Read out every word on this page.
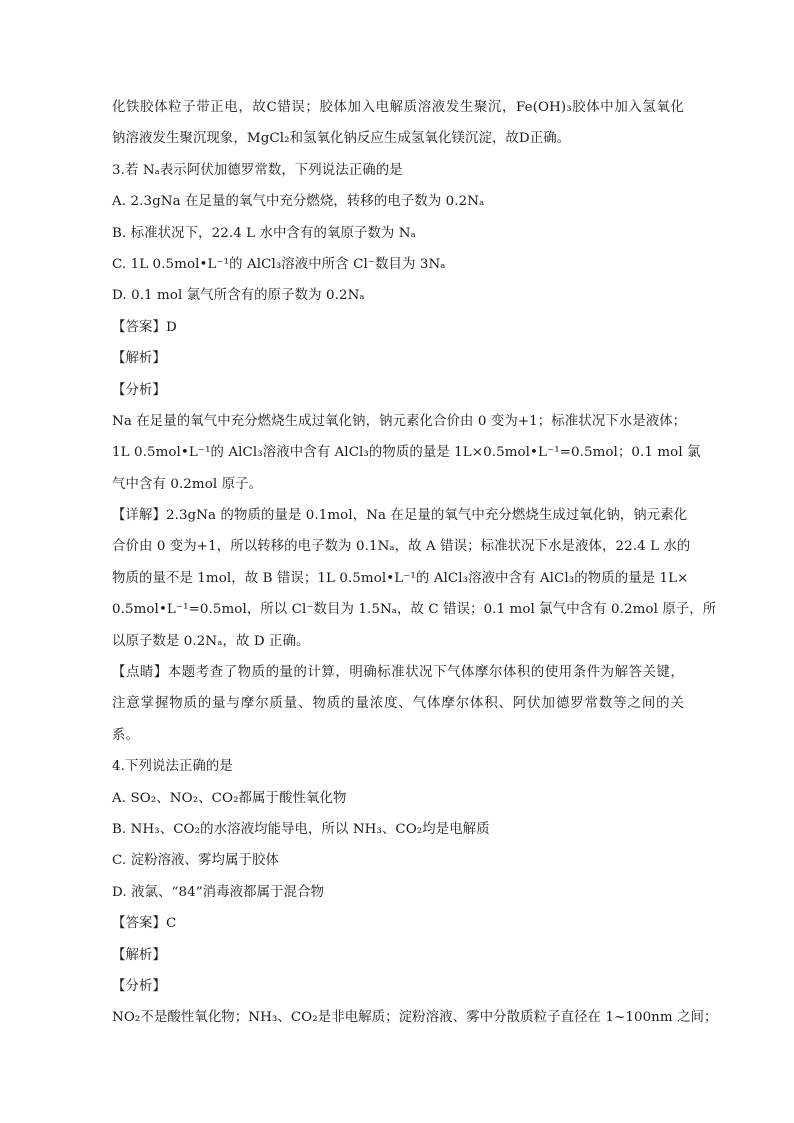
化铁胶体粒子带正电，故C错误；胶体加入电解质溶液发生聚沉，Fe(OH)₃胶体中加入氢氧化
钠溶液发生聚沉现象，MgCl₂和氢氧化钠反应生成氢氧化镁沉淀，故D正确。
3.若 Nₐ表示阿伏加德罗常数，下列说法正确的是
A. 2.3gNa 在足量的氧气中充分燃烧，转移的电子数为 0.2Nₐ
B. 标准状况下，22.4 L 水中含有的氧原子数为 Nₐ
C. 1L 0.5mol•L⁻¹的 AlCl₃溶液中所含 Cl⁻数目为 3Nₐ
D. 0.1 mol 氯气所含有的原子数为 0.2Nₐ
【答案】D
【解析】
【分析】
Na 在足量的氧气中充分燃烧生成过氧化钠，钠元素化合价由 0 变为+1；标准状况下水是液体；
1L 0.5mol•L⁻¹的 AlCl₃溶液中含有 AlCl₃的物质的量是 1L×0.5mol•L⁻¹=0.5mol；0.1 mol 氯
气中含有 0.2mol 原子。
【详解】2.3gNa 的物质的量是 0.1mol，Na 在足量的氧气中充分燃烧生成过氧化钠，钠元素化
合价由 0 变为+1，所以转移的电子数为 0.1Nₐ，故 A 错误；标准状况下水是液体，22.4 L 水的
物质的量不是 1mol，故 B 错误；1L 0.5mol•L⁻¹的 AlCl₃溶液中含有 AlCl₃的物质的量是 1L×
0.5mol•L⁻¹=0.5mol，所以 Cl⁻数目为 1.5Nₐ，故 C 错误；0.1 mol 氯气中含有 0.2mol 原子，所
以原子数是 0.2Nₐ，故 D 正确。
【点睛】本题考查了物质的量的计算，明确标准状况下气体摩尔体积的使用条件为解答关键，
注意掌握物质的量与摩尔质量、物质的量浓度、气体摩尔体积、阿伏加德罗常数等之间的关
系。
4.下列说法正确的是
A. SO₂、NO₂、CO₂都属于酸性氧化物
B. NH₃、CO₂的水溶液均能导电，所以 NH₃、CO₂均是电解质
C. 淀粉溶液、雾均属于胶体
D. 液氯、“84”消毒液都属于混合物
【答案】C
【解析】
【分析】
NO₂不是酸性氧化物；NH₃、CO₂是非电解质；淀粉溶液、雾中分散质粒子直径在 1~100nm 之间；
